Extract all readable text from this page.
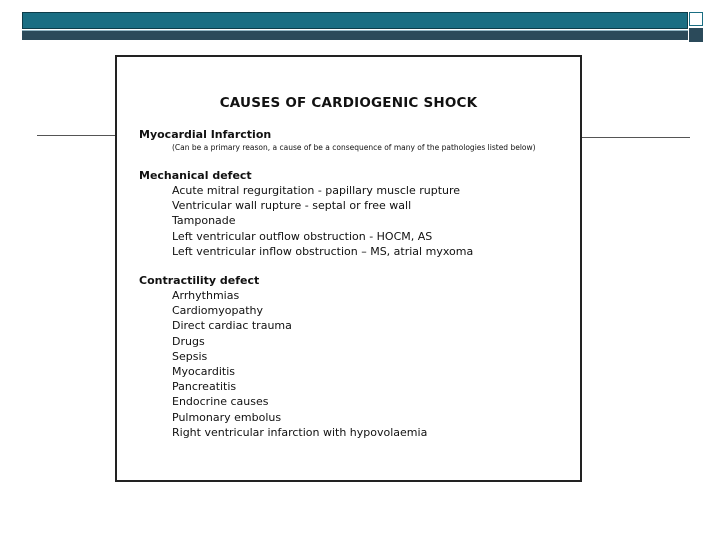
CAUSES OF CARDIOGENIC SHOCK
Myocardial Infarction
(Can be a primary reason, a cause of be a consequence of many of the pathologies listed below)
Mechanical defect
Acute mitral regurgitation - papillary muscle rupture
Ventricular wall rupture - septal or free wall
Tamponade
Left ventricular outflow obstruction - HOCM, AS
Left ventricular inflow obstruction – MS, atrial myxoma
Contractility defect
Arrhythmias
Cardiomyopathy
Direct cardiac trauma
Drugs
Sepsis
Myocarditis
Pancreatitis
Endocrine causes
Pulmonary embolus
Right ventricular infarction with hypovolaemia
